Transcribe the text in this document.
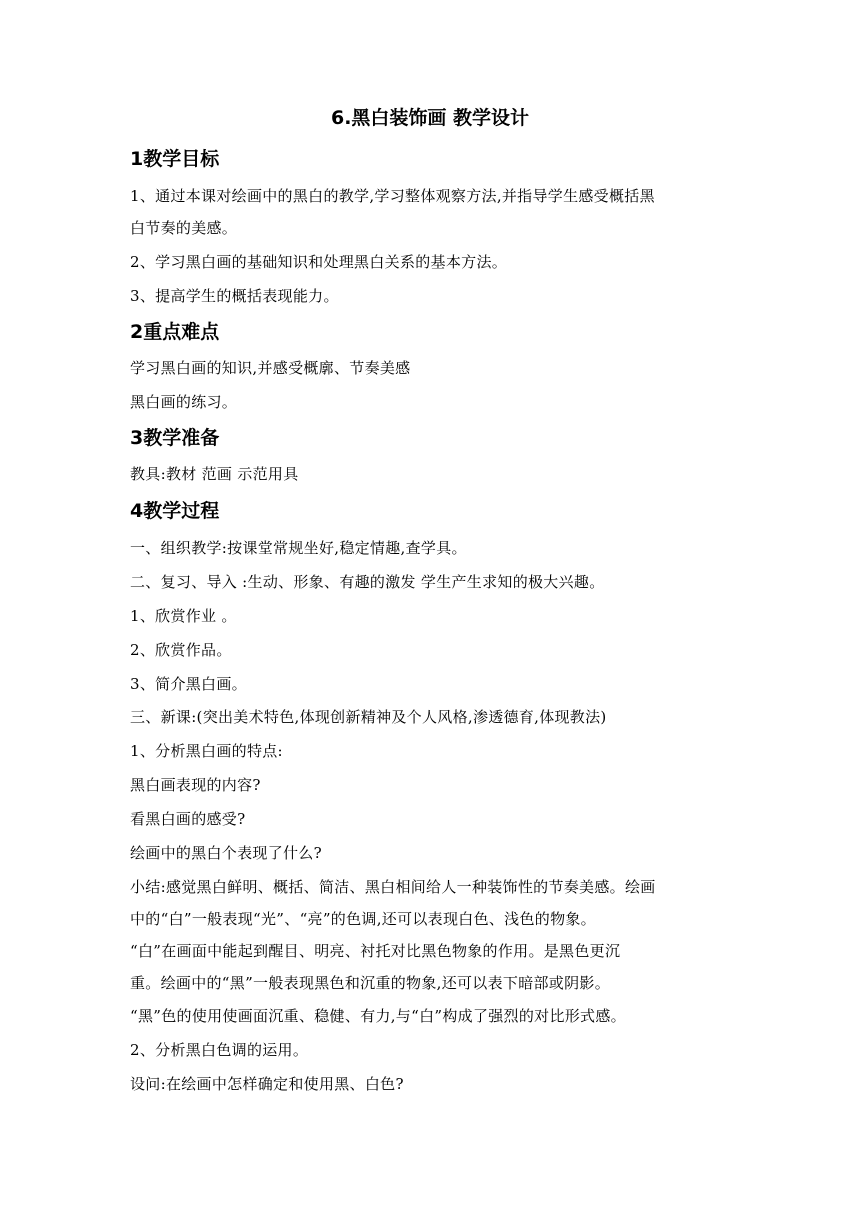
6.黑白装饰画 教学设计
1教学目标
1、通过本课对绘画中的黑白的教学,学习整体观察方法,并指导学生感受概括黑
白节奏的美感。
2、学习黑白画的基础知识和处理黑白关系的基本方法。
3、提高学生的概括表现能力。
2重点难点
学习黑白画的知识,并感受概廓、节奏美感
黑白画的练习。
3教学准备
教具:教材 范画 示范用具
4教学过程
一、组织教学:按课堂常规坐好,稳定情趣,查学具。
二、复习、导入 :生动、形象、有趣的激发 学生产生求知的极大兴趣。
1、欣赏作业 。
2、欣赏作品。
3、简介黑白画。
三、新课:(突出美术特色,体现创新精神及个人风格,渗透德育,体现教法)
1、分析黑白画的特点:
黑白画表现的内容?
看黑白画的感受?
绘画中的黑白个表现了什么?
小结:感觉黑白鲜明、概括、简洁、黑白相间给人一种装饰性的节奏美感。绘画
中的“白”一般表现“光”、“亮”的色调,还可以表现白色、浅色的物象。
“白”在画面中能起到醒目、明亮、衬托对比黑色物象的作用。是黑色更沉
重。绘画中的“黑”一般表现黑色和沉重的物象,还可以表下暗部或阴影。
“黑”色的使用使画面沉重、稳健、有力,与“白”构成了强烈的对比形式感。
2、分析黑白色调的运用。
设问:在绘画中怎样确定和使用黑、白色?
